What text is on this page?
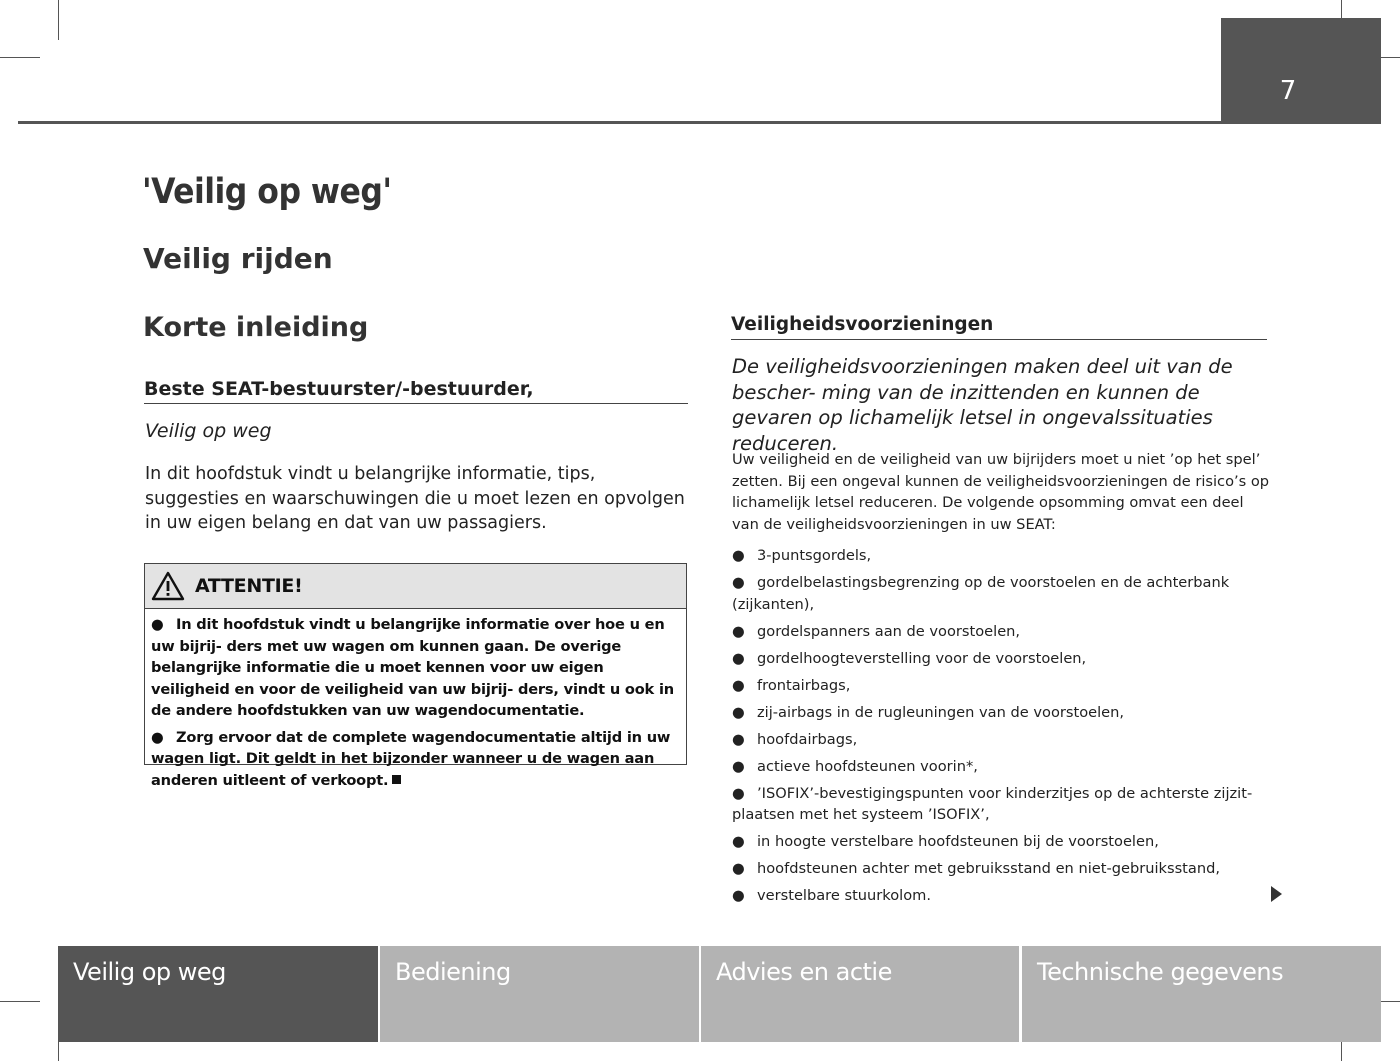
7
'Veilig op weg'
Veilig rijden
Korte inleiding
Beste SEAT-bestuurster/-bestuurder,
Veilig op weg
In dit hoofdstuk vindt u belangrijke informatie, tips, suggesties en waarschuwingen die u moet lezen en opvolgen in uw eigen belang en dat van uw passagiers.
ATTENTIE!

● In dit hoofdstuk vindt u belangrijke informatie over hoe u en uw bijrij- ders met uw wagen om kunnen gaan. De overige belangrijke informatie die u moet kennen voor uw eigen veiligheid en voor de veiligheid van uw bijrij- ders, vindt u ook in de andere hoofdstukken van uw wagendocumentatie.

● Zorg ervoor dat de complete wagendocumentatie altijd in uw wagen ligt. Dit geldt in het bijzonder wanneer u de wagen aan anderen uitleent of verkoopt.

Veiligheidsvoorzieningen
De veiligheidsvoorzieningen maken deel uit van de bescher- ming van de inzittenden en kunnen de gevaren op lichamelijk letsel in ongevalssituaties reduceren.
Uw veiligheid en de veiligheid van uw bijrijders moet u niet ’op het spel’ zetten. Bij een ongeval kunnen de veiligheidsvoorzieningen de risico’s op lichamelijk letsel reduceren. De volgende opsomming omvat een deel van de veiligheidsvoorzieningen in uw SEAT:
● 3-puntsgordels,
● gordelbelastingsbegrenzing op de voorstoelen en de achterbank (zijkanten),
● gordelspanners aan de voorstoelen,
● gordelhoogteverstelling voor de voorstoelen,
● frontairbags,
● zij-airbags in de rugleuningen van de voorstoelen,
● hoofdairbags,
● actieve hoofdsteunen voorin*,
● ’ISOFIX’-bevestigingspunten voor kinderzitjes op de achterste zijzit- plaatsen met het systeem ’ISOFIX’,
● in hoogte verstelbare hoofdsteunen bij de voorstoelen,
● hoofdsteunen achter met gebruiksstand en niet-gebruiksstand,
● verstelbare stuurkolom.
Veilig op weg	Bediening	Advies en actie	Technische gegevens
